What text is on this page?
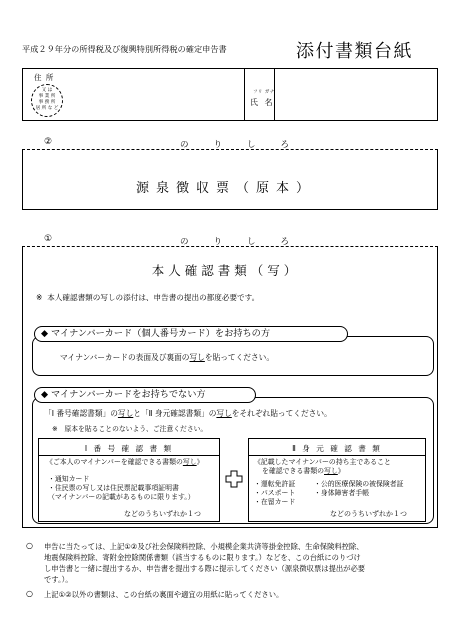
平成２９年分の所得税及び復興特別所得税の確定申告書	添付書類台紙
住 所
又 は
事 業 所
事 務 所
居 所 な ど
フリ ガナ
氏 名
②	のりしろ
源泉徴収票（原本）
①	のりしろ
本人確認書類（写）
※ 本人確認書類の写しの添付は、申告書の提出の都度必要です。
◆ マイナンバーカード（個人番号カード）をお持ちの方
マイナンバーカードの表面及び裏面の写しを貼ってください。
◆ マイナンバーカードをお持ちでない方
「Ⅰ 番号確認書類」の写しと「Ⅱ 身元確認書類」の写しをそれぞれ貼ってください。
※　原本を貼ることのないよう、ご注意ください。
Ⅰ 番 号 確 認 書 類
《ご本人のマイナンバーを確認できる書類の写し》
・通知カード
・住民票の写し又は住民票記載事項証明書
（マイナンバーの記載があるものに限ります。）
などのうちいずれか１つ
Ⅱ 身 元 確 認 書 類
《記載したマイナンバーの持ち主であること
を確認できる書類の写し》
・運転免許証
・パスポート
・在留カード
・公的医療保険の被保険者証
・身体障害者手帳
などのうちいずれか１つ
○ 申告に当たっては、上記①②及び社会保険料控除、小規模企業共済等掛金控除、生命保険料控除、
地震保険料控除、寄附金控除関係書類（該当するものに限ります。）などを、この台紙にのりづけ
し申告書と一緒に提出するか、申告書を提出する際に提示してください（源泉徴収票は提出が必要
です。）。
○ 上記①②以外の書類は、この台紙の裏面や適宜の用紙に貼ってください。
